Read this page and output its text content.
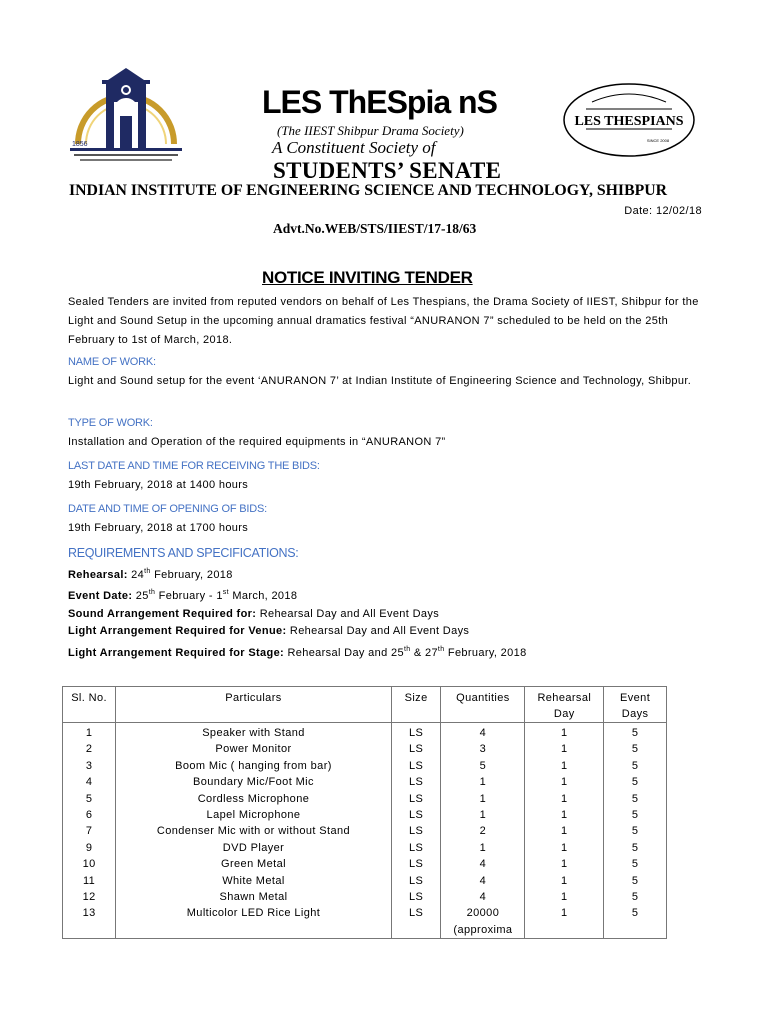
1856
LES ThESpia nS
(The IIEST Shibpur Drama Society)
A Constituent Society of
STUDENTS’ SENATE
LES THESPIANS
SINCE 2008
INDIAN INSTITUTE OF ENGINEERING SCIENCE AND TECHNOLOGY, SHIBPUR
Date: 12/02/18
Advt.No.WEB/STS/IIEST/17-18/63
NOTICE INVITING TENDER
Sealed Tenders are invited from reputed vendors on behalf of Les Thespians, the Drama Society of IIEST, Shibpur for the Light and Sound Setup in the upcoming annual dramatics festival “ANURANON 7” scheduled to be held on the 25th February to 1st of March, 2018.
NAME OF WORK:
Light and Sound setup for the event ‘ANURANON 7’ at Indian Institute of Engineering Science and Technology, Shibpur.
TYPE OF WORK:
Installation and Operation of the required equipments in “ANURANON 7”
LAST DATE AND TIME FOR RECEIVING THE BIDS:
19th February, 2018 at 1400 hours
DATE AND TIME OF OPENING OF BIDS:
19th February, 2018 at 1700 hours
REQUIREMENTS AND SPECIFICATIONS:
Rehearsal: 24th February, 2018
Event Date: 25th February - 1st March, 2018
Sound Arrangement Required for: Rehearsal Day and All Event Days
Light Arrangement Required for Venue: Rehearsal Day and All Event Days
Light Arrangement Required for Stage: Rehearsal Day and 25th & 27th February, 2018
Sl. No.	Particulars	Size	Quantities	Rehearsal Day	Event Days
1	Speaker with Stand	LS	4	1	5
2	Power Monitor	LS	3	1	5
3	Boom Mic ( hanging from bar)	LS	5	1	5
4	Boundary Mic/Foot Mic	LS	1	1	5
5	Cordless Microphone	LS	1	1	5
6	Lapel Microphone	LS	1	1	5
7	Condenser Mic with or without Stand	LS	2	1	5
9	DVD Player	LS	1	1	5
10	Green Metal	LS	4	1	5
11	White Metal	LS	4	1	5
12	Shawn Metal	LS	4	1	5
13	Multicolor LED Rice Light	LS	20000 (approxima	1	5
